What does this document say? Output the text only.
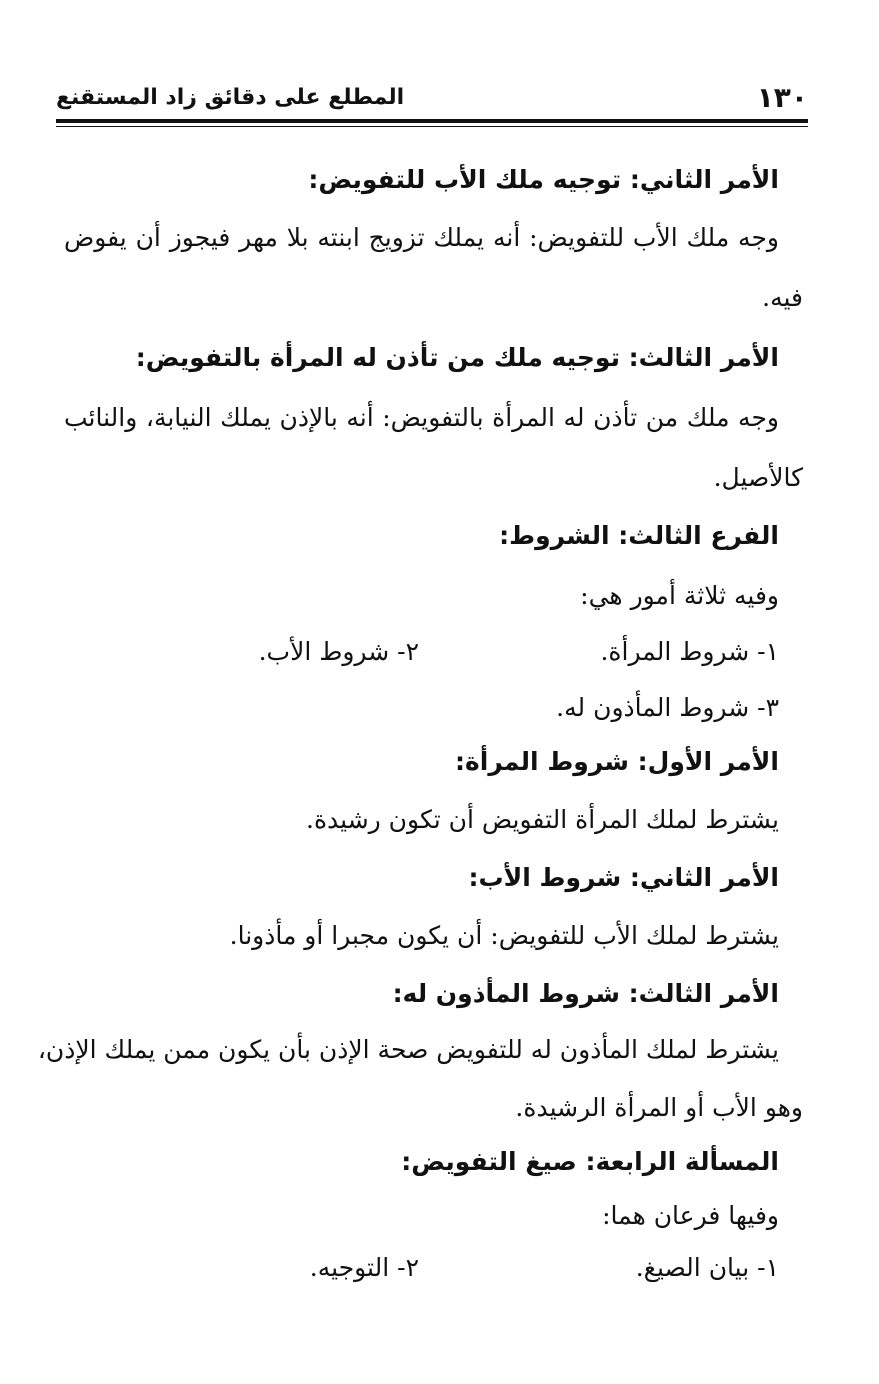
١٣٠
المطلع على دقائق زاد المستقنع
الأمر الثاني: توجيه ملك الأب للتفويض:
وجه ملك الأب للتفويض: أنه يملك تزويج ابنته بلا مهر فيجوز أن يفوض
فيه.
الأمر الثالث: توجيه ملك من تأذن له المرأة بالتفويض:
وجه ملك من تأذن له المرأة بالتفويض: أنه بالإذن يملك النيابة، والنائب
كالأصيل.
الفرع الثالث: الشروط:
وفيه ثلاثة أمور هي:
١- شروط المرأة.
٢- شروط الأب.
٣- شروط المأذون له.
الأمر الأول: شروط المرأة:
يشترط لملك المرأة التفويض أن تكون رشيدة.
الأمر الثاني: شروط الأب:
يشترط لملك الأب للتفويض: أن يكون مجبرا أو مأذونا.
الأمر الثالث: شروط المأذون له:
يشترط لملك المأذون له للتفويض صحة الإذن بأن يكون ممن يملك الإذن،
وهو الأب أو المرأة الرشيدة.
المسألة الرابعة: صيغ التفويض:
وفيها فرعان هما:
١- بيان الصيغ.
٢- التوجيه.
